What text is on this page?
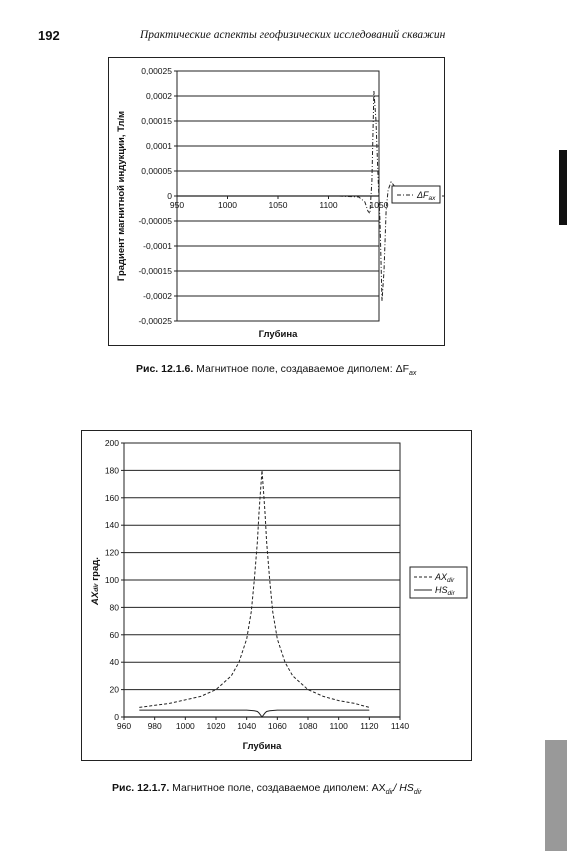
192	Практические аспекты геофизических исследований скважин
0,00025
0,0002
0,00015
0,0001
0,00005
0
-0,00005
-0,0001
-0,00015
-0,0002
-0,00025
950	1000	1050	1100	1050
Глубина
Градиент магнитной индукции, Тл/м	$\Delta F_{ах}$
Рис. 12.1.6. Магнитное поле, создаваемое диполем: $\Delta F_{ах}$
200
180
160
140
120
100
80
60
40
20
0
960 980 1000 1020 1040 1060 1080 1100 1120 1140
Глубина
AXdir град.	$AX_{dir}$
$HS_{dir}$
Рис. 12.1.7. Магнитное поле, создаваемое диполем: $AX_{dir}/$ $HS_{dir}$
